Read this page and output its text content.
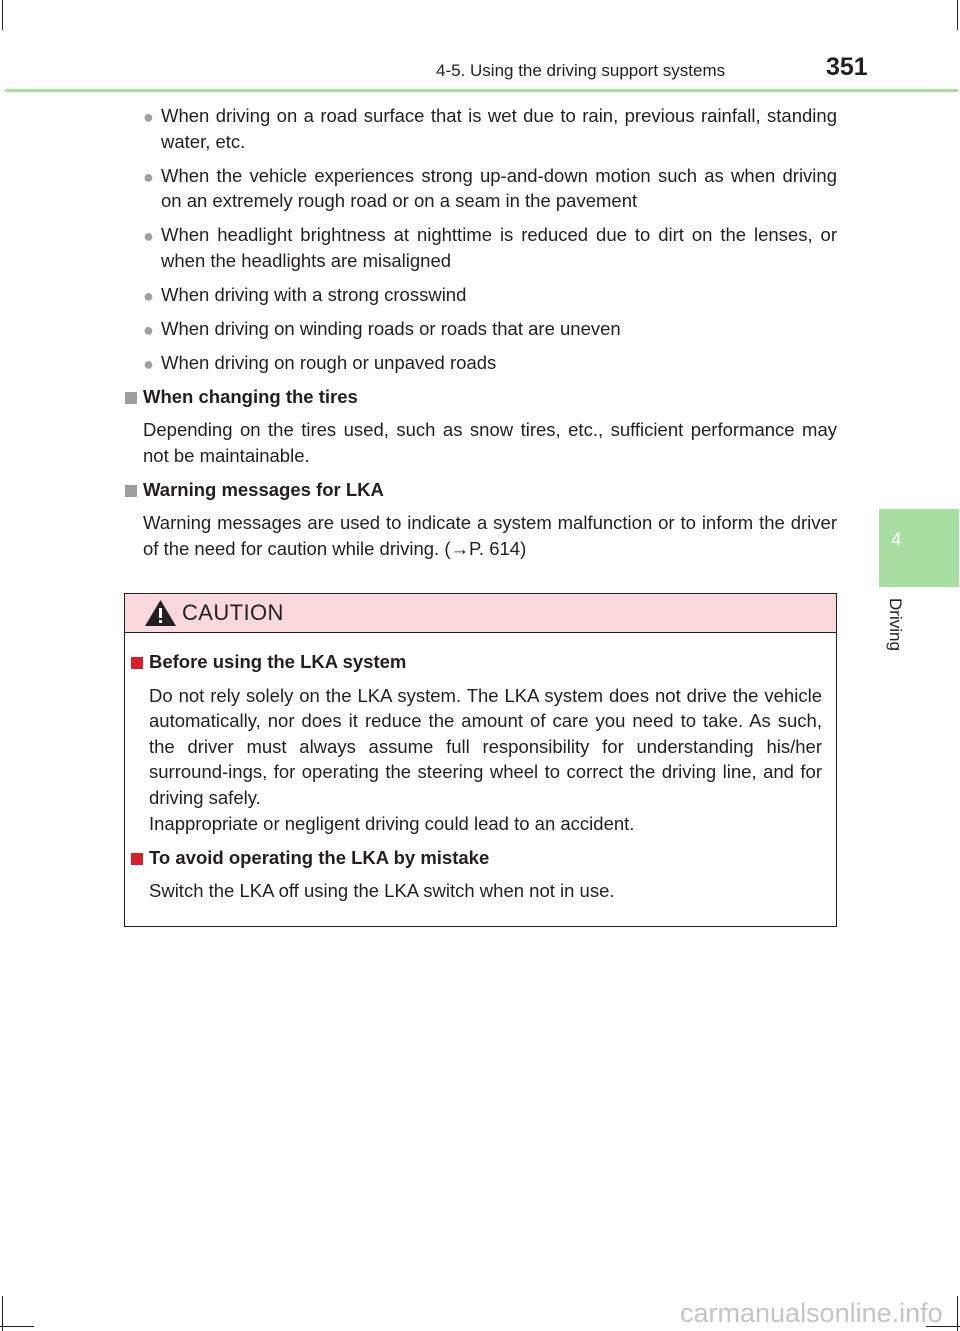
4-5. Using the driving support systems	351
4
Driving
● When driving on a road surface that is wet due to rain, previous rainfall, standing water, etc.
● When the vehicle experiences strong up-and-down motion such as when driving on an extremely rough road or on a seam in the pavement
● When headlight brightness at nighttime is reduced due to dirt on the lenses, or when the headlights are misaligned
● When driving with a strong crosswind
● When driving on winding roads or roads that are uneven
● When driving on rough or unpaved roads
When changing the tires
Depending on the tires used, such as snow tires, etc., sufficient performance may not be maintainable.
Warning messages for LKA
Warning messages are used to indicate a system malfunction or to inform the driver of the need for caution while driving. (→P. 614)
CAUTION
Before using the LKA system
Do not rely solely on the LKA system. The LKA system does not drive the vehicle automatically, nor does it reduce the amount of care you need to take. As such, the driver must always assume full responsibility for understanding his/her surround-ings, for operating the steering wheel to correct the driving line, and for driving safely.
Inappropriate or negligent driving could lead to an accident.
To avoid operating the LKA by mistake
Switch the LKA off using the LKA switch when not in use.
carmanualsonline.info
